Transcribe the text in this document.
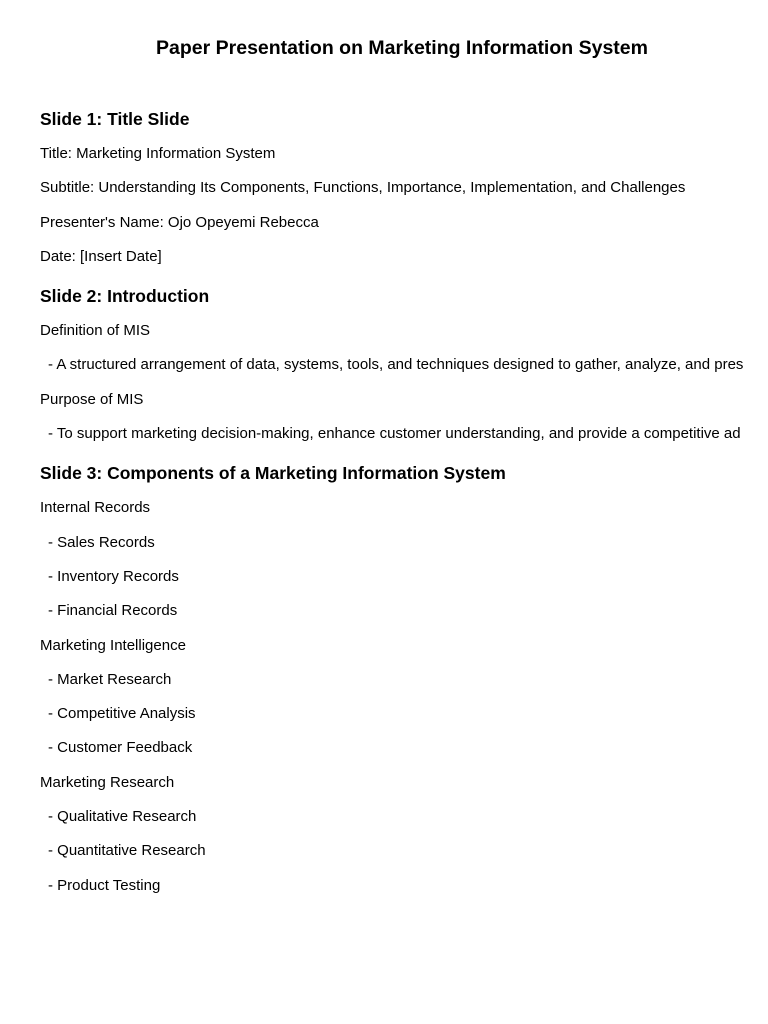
Paper Presentation on Marketing Information System
Slide 1: Title Slide
Title: Marketing Information System
Subtitle: Understanding Its Components, Functions, Importance, Implementation, and Challenges
Presenter's Name: Ojo Opeyemi Rebecca
Date: [Insert Date]
Slide 2: Introduction
Definition of MIS
- A structured arrangement of data, systems, tools, and techniques designed to gather, analyze, and pres
Purpose of MIS
- To support marketing decision-making, enhance customer understanding, and provide a competitive ad
Slide 3: Components of a Marketing Information System
Internal Records
- Sales Records
- Inventory Records
- Financial Records
Marketing Intelligence
- Market Research
- Competitive Analysis
- Customer Feedback
Marketing Research
- Qualitative Research
- Quantitative Research
- Product Testing
